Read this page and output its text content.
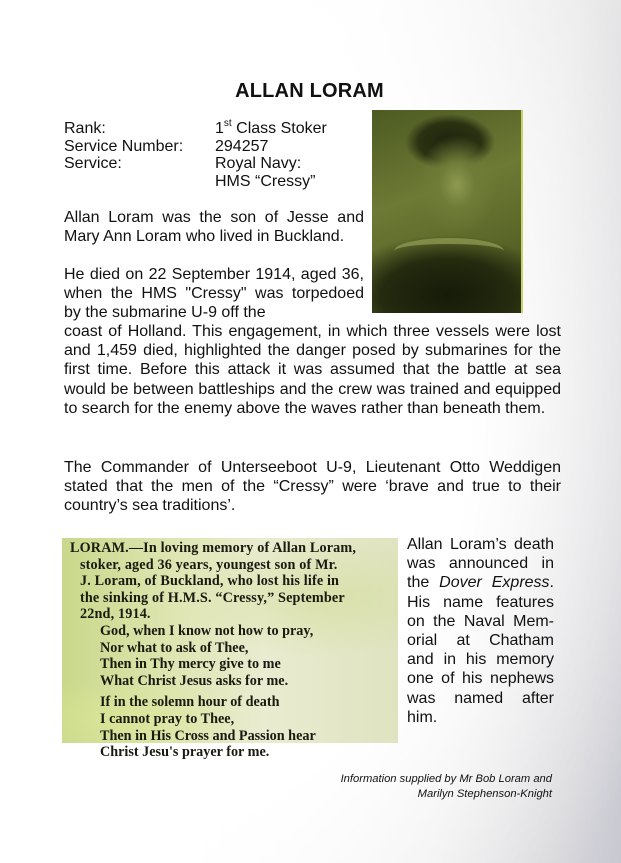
ALLAN LORAM
Rank:	1st Class Stoker
Service Number:	294257
Service:	Royal Navy:
HMS “Cressy”
Allan Loram was the son of Jesse and Mary Ann Loram who lived in Buckland.
He died on 22 September 1914, aged 36, when the HMS "Cressy" was torpedoed by the submarine U-9 off the
coast of Holland. This engagement, in which three vessels were lost and 1,459 died, highlighted the danger posed by submarines for the first time. Before this attack it was assumed that the battle at sea would be between battleships and the crew was trained and equipped to search for the enemy above the waves rather than beneath them.
The Commander of Unterseeboot U-9, Lieutenant Otto Weddigen stated that the men of the “Cressy” were ‘brave and true to their country’s sea traditions’.
LORAM.—In loving memory of Allan Loram,
stoker, aged 36 years, youngest son of Mr.
J. Loram, of Buckland, who lost his life in
the sinking of H.M.S. “Cressy,” September
22nd, 1914.
God, when I know not how to pray,
Nor what to ask of Thee,
Then in Thy mercy give to me
What Christ Jesus asks for me.
If in the solemn hour of death
I cannot pray to Thee,
Then in His Cross and Passion hear
Christ Jesu's prayer for me.
Allan Loram’s death was announced in the Dover Express. His name features on the Naval Mem-orial at Chatham and in his memory one of his nephews was named after him.
Information supplied by Mr Bob Loram and
Marilyn Stephenson-Knight
